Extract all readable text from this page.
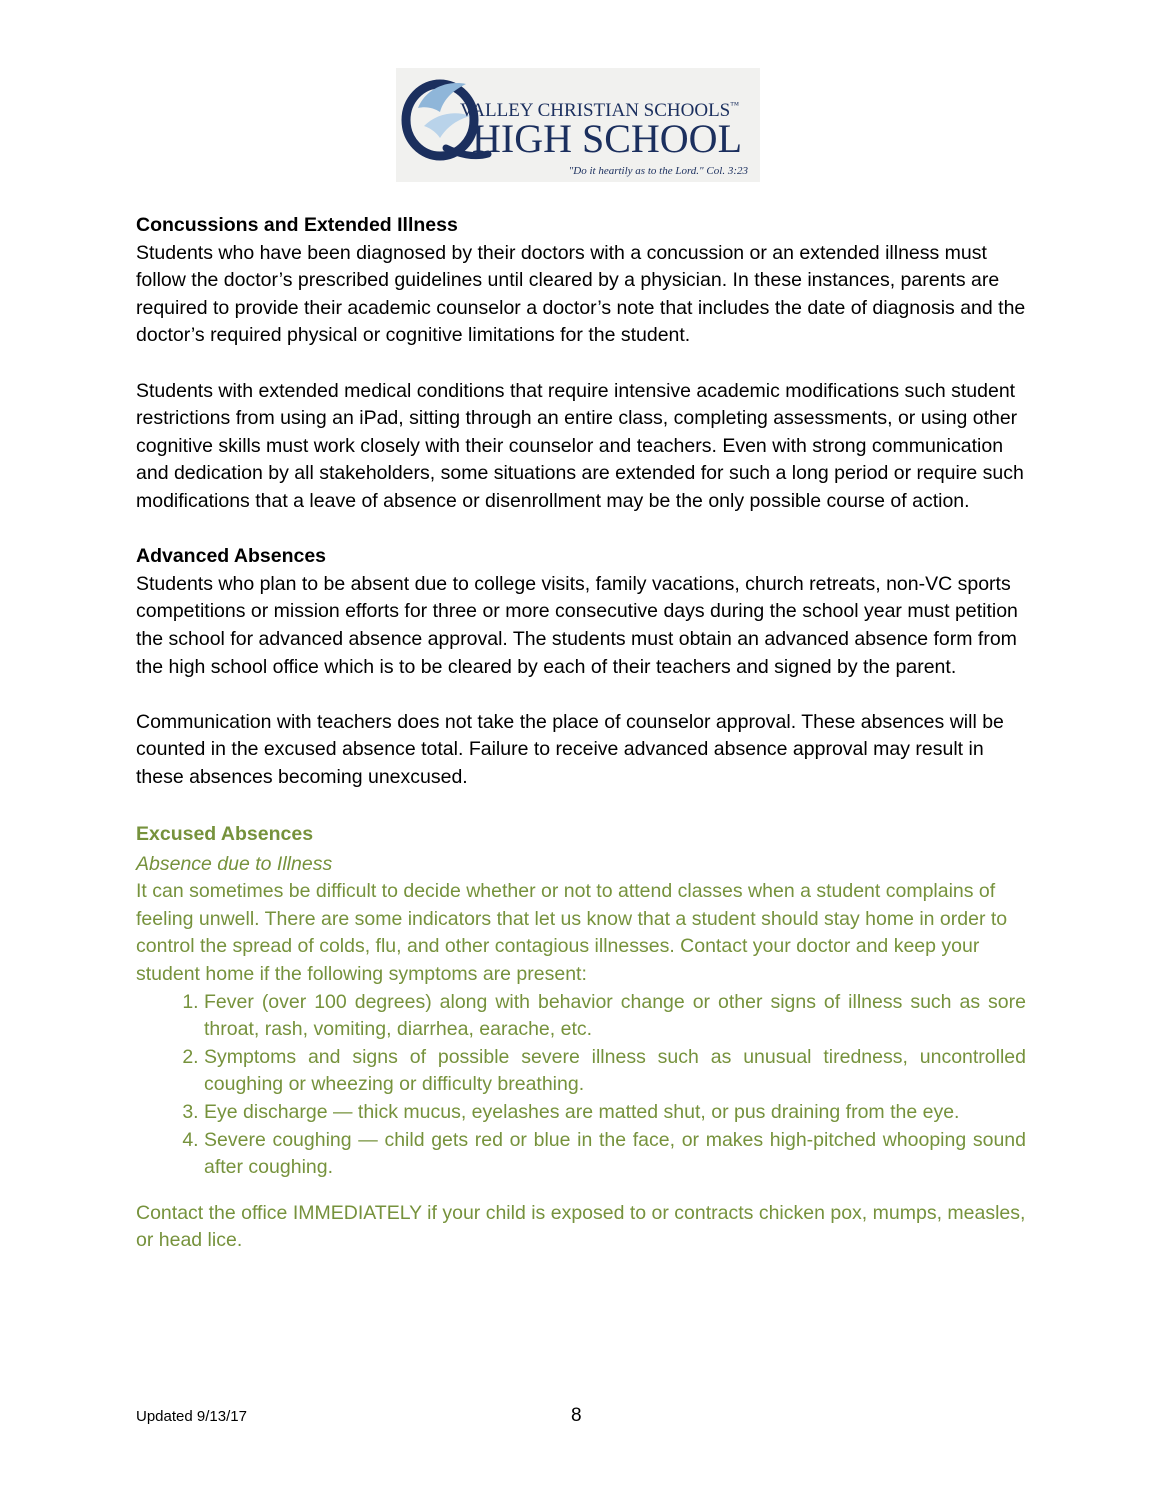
VALLEY CHRISTIAN SCHOOLS™
HIGH SCHOOL
"Do it heartily as to the Lord." Col. 3:23

Concussions and Extended Illness

Students who have been diagnosed by their doctors with a concussion or an extended illness must follow the doctor’s prescribed guidelines until cleared by a physician. In these instances, parents are required to provide their academic counselor a doctor’s note that includes the date of diagnosis and the doctor’s required physical or cognitive limitations for the student.

Students with extended medical conditions that require intensive academic modifications such student restrictions from using an iPad, sitting through an entire class, completing assessments, or using other cognitive skills must work closely with their counselor and teachers. Even with strong communication and dedication by all stakeholders, some situations are extended for such a long period or require such modifications that a leave of absence or disenrollment may be the only possible course of action.

Advanced Absences

Students who plan to be absent due to college visits, family vacations, church retreats, non-VC sports competitions or mission efforts for three or more consecutive days during the school year must petition the school for advanced absence approval. The students must obtain an advanced absence form from the high school office which is to be cleared by each of their teachers and signed by the parent.

Communication with teachers does not take the place of counselor approval. These absences will be counted in the excused absence total. Failure to receive advanced absence approval may result in these absences becoming unexcused.

Excused Absences

Absence due to Illness

It can sometimes be difficult to decide whether or not to attend classes when a student complains of feeling unwell. There are some indicators that let us know that a student should stay home in order to control the spread of colds, flu, and other contagious illnesses. Contact your doctor and keep your student home if the following symptoms are present:

1. Fever (over 100 degrees) along with behavior change or other signs of illness such as sore throat, rash, vomiting, diarrhea, earache, etc.
2. Symptoms and signs of possible severe illness such as unusual tiredness, uncontrolled coughing or wheezing or difficulty breathing.
3. Eye discharge — thick mucus, eyelashes are matted shut, or pus draining from the eye.
4. Severe coughing — child gets red or blue in the face, or makes high-pitched whooping sound after coughing.

Contact the office IMMEDIATELY if your child is exposed to or contracts chicken pox, mumps, measles, or head lice.

Updated 9/13/17	8
